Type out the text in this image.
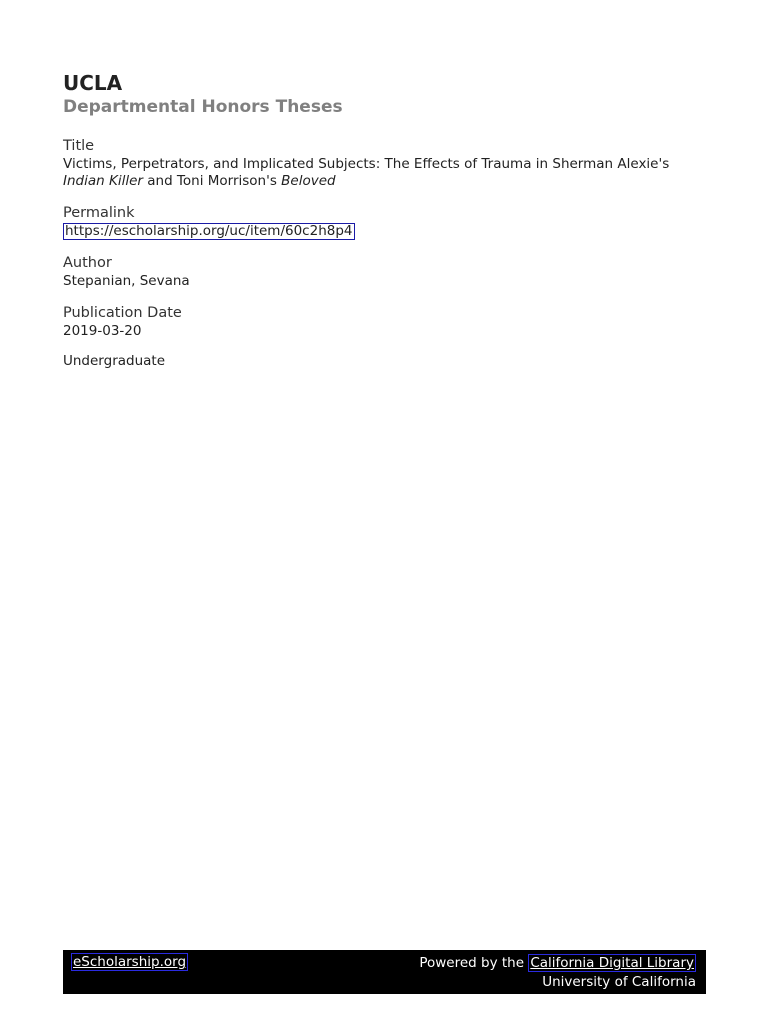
UCLA
Departmental Honors Theses
Title
Victims, Perpetrators, and Implicated Subjects: The Effects of Trauma in Sherman Alexie's
Indian Killer and Toni Morrison's Beloved
Permalink
https://escholarship.org/uc/item/60c2h8p4
Author
Stepanian, Sevana
Publication Date
2019-03-20
Undergraduate
eScholarship.org	Powered by the California Digital Library
University of California
